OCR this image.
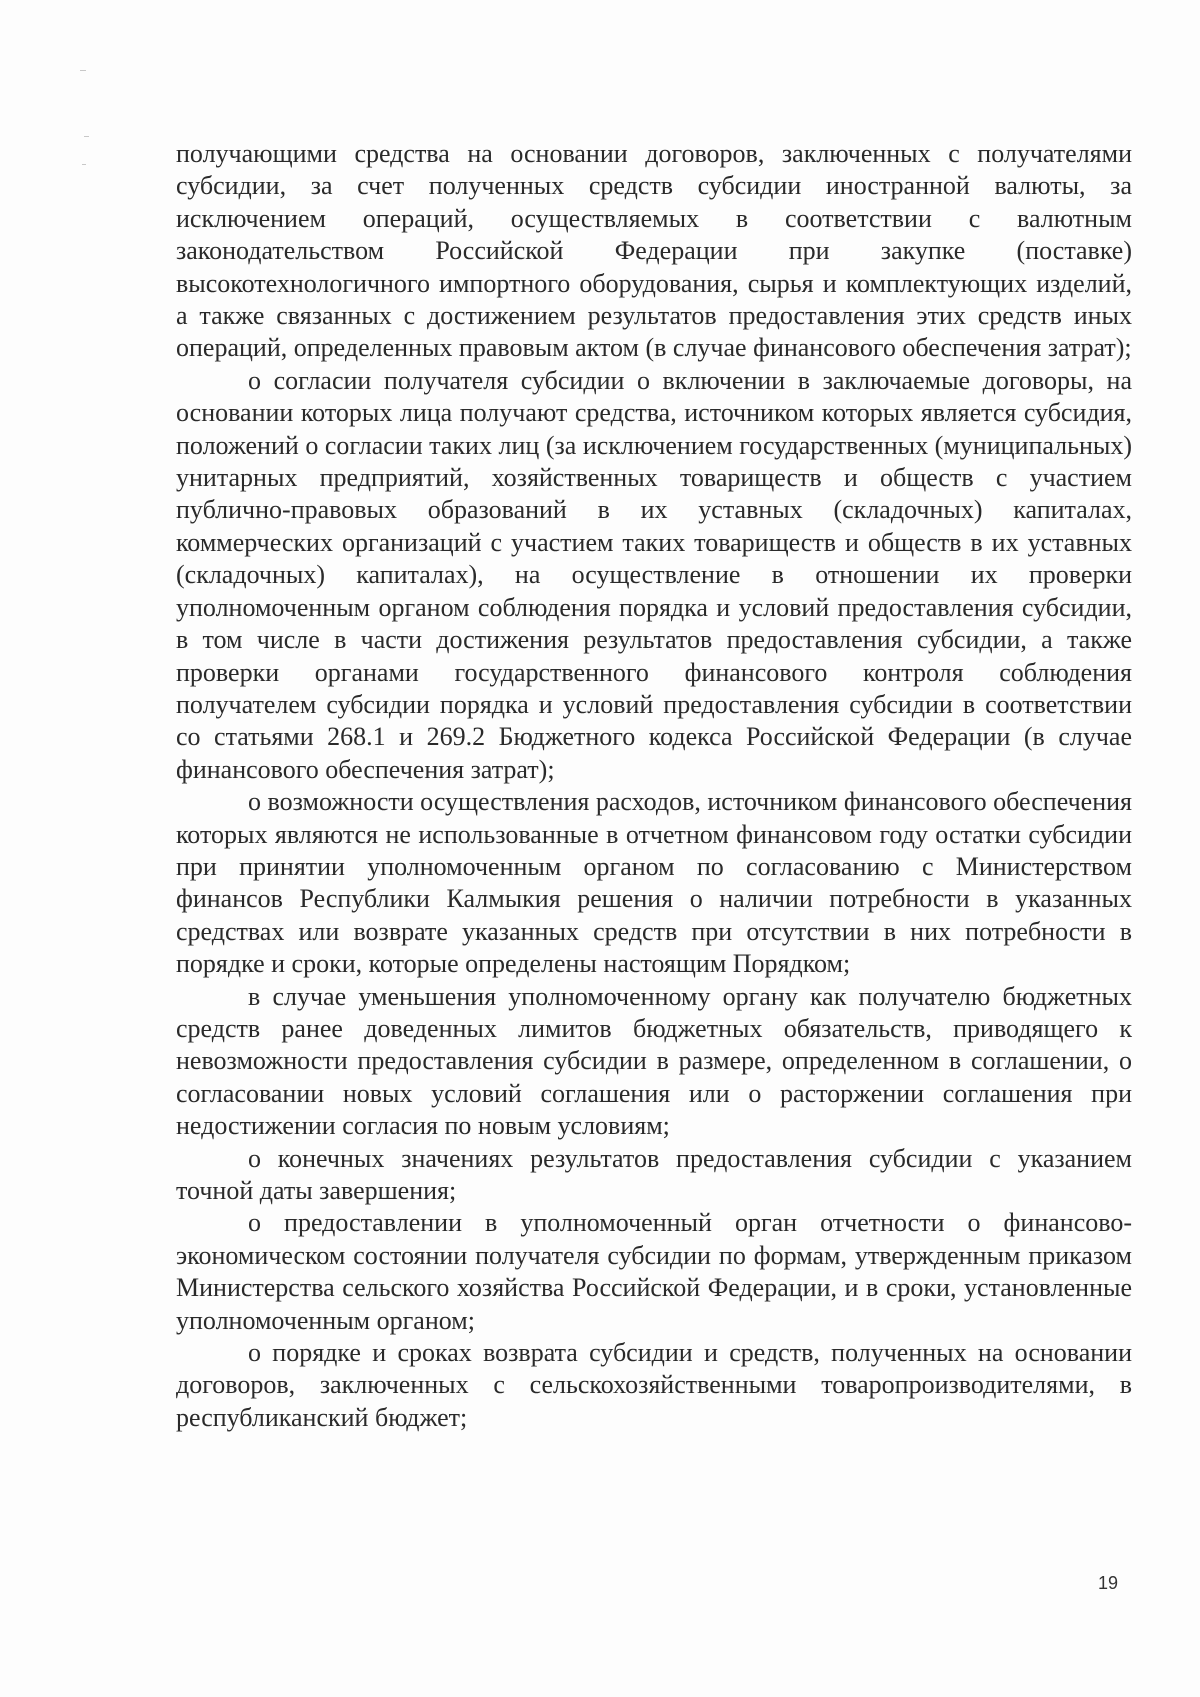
получающими средства на основании договоров, заключенных с получателями субсидии, за счет полученных средств субсидии иностранной валюты, за исключением операций, осуществляемых в соответствии с валютным законодательством Российской Федерации при закупке (поставке) высокотехнологичного импортного оборудования, сырья и комплектующих изделий, а также связанных с достижением результатов предоставления этих средств иных операций, определенных правовым актом (в случае финансового обеспечения затрат);

о согласии получателя субсидии о включении в заключаемые договоры, на основании которых лица получают средства, источником которых является субсидия, положений о согласии таких лиц (за исключением государственных (муниципальных) унитарных предприятий, хозяйственных товариществ и обществ с участием публично-правовых образований в их уставных (складочных) капиталах, коммерческих организаций с участием таких товариществ и обществ в их уставных (складочных) капиталах), на осуществление в отношении их проверки уполномоченным органом соблюдения порядка и условий предоставления субсидии, в том числе в части достижения результатов предоставления субсидии, а также проверки органами государственного финансового контроля соблюдения получателем субсидии порядка и условий предоставления субсидии в соответствии со статьями 268.1 и 269.2 Бюджетного кодекса Российской Федерации (в случае финансового обеспечения затрат);

о возможности осуществления расходов, источником финансового обеспечения которых являются не использованные в отчетном финансовом году остатки субсидии при принятии уполномоченным органом по согласованию с Министерством финансов Республики Калмыкия решения о наличии потребности в указанных средствах или возврате указанных средств при отсутствии в них потребности в порядке и сроки, которые определены настоящим Порядком;

в случае уменьшения уполномоченному органу как получателю бюджетных средств ранее доведенных лимитов бюджетных обязательств, приводящего к невозможности предоставления субсидии в размере, определенном в соглашении, о согласовании новых условий соглашения или о расторжении соглашения при недостижении согласия по новым условиям;

о конечных значениях результатов предоставления субсидии с указанием точной даты завершения;

о предоставлении в уполномоченный орган отчетности о финансово-экономическом состоянии получателя субсидии по формам, утвержденным приказом Министерства сельского хозяйства Российской Федерации, и в сроки, установленные уполномоченным органом;

о порядке и сроках возврата субсидии и средств, полученных на основании договоров, заключенных с сельскохозяйственными товаропроизводителями, в республиканский бюджет;

19
